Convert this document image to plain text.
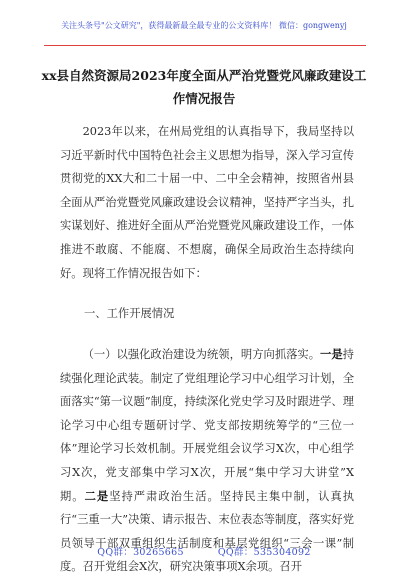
关注头条号"公文研究"，获得最新最全最专业的公文资料库！ 微信：gongwenyj
xx县自然资源局2023年度全面从严治党暨党风廉政建设工
作情况报告
2023年以来，在州局党组的认真指导下，我局坚持以习近平新时代中国特色社会主义思想为指导，深入学习宣传贯彻党的XX大和二十届一中、二中全会精神，按照省州县全面从严治党暨党风廉政建设会议精神，坚持严字当头，扎实谋划好、推进好全面从严治党暨党风廉政建设工作，一体推进不敢腐、不能腐、不想腐，确保全局政治生态持续向好。现将工作情况报告如下：
一、工作开展情况
（一）以强化政治建设为统领，明方向抓落实。一是持续强化理论武装。制定了党组理论学习中心组学习计划，全面落实“第一议题”制度，持续深化党史学习及时跟进学、理论学习中心组专题研讨学、党支部按期统筹学的“三位一体”理论学习长效机制。开展党组会议学习X次，中心组学习X次，党支部集中学习X次，开展“集中学习大讲堂”X期。二是坚持严肃政治生活。坚持民主集中制，认真执行“三重一大”决策、请示报告、末位表态等制度，落实好党员领导干部双重组织生活制度和基层党组织“三会一课”制度。召开党组会X次，研究决策事项X余项。召开
QQ群：30265665	QQ群：535304092
